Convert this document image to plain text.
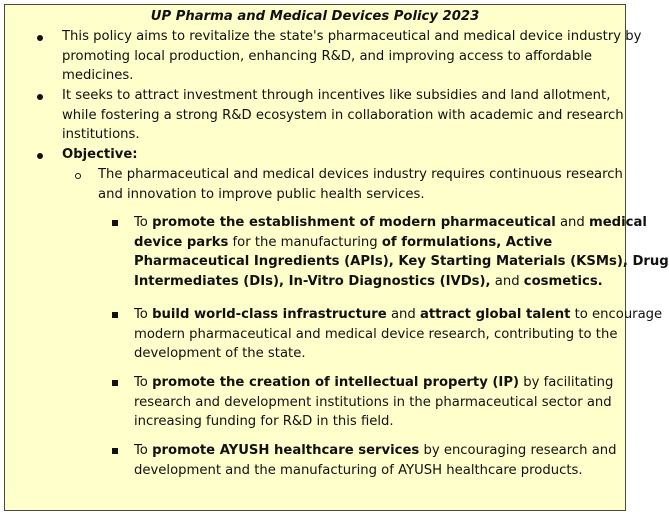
UP Pharma and Medical Devices Policy 2023
This policy aims to revitalize the state's pharmaceutical and medical device industry by
promoting local production, enhancing R&D, and improving access to affordable
medicines.
It seeks to attract investment through incentives like subsidies and land allotment,
while fostering a strong R&D ecosystem in collaboration with academic and research
institutions.
Objective:
The pharmaceutical and medical devices industry requires continuous research
and innovation to improve public health services.
To promote the establishment of modern pharmaceutical and medical
device parks for the manufacturing of formulations, Active
Pharmaceutical Ingredients (APIs), Key Starting Materials (KSMs), Drug
Intermediates (DIs), In-Vitro Diagnostics (IVDs), and cosmetics.
To build world-class infrastructure and attract global talent to encourage
modern pharmaceutical and medical device research, contributing to the
development of the state.
To promote the creation of intellectual property (IP) by facilitating
research and development institutions in the pharmaceutical sector and
increasing funding for R&D in this field.
To promote AYUSH healthcare services by encouraging research and
development and the manufacturing of AYUSH healthcare products.
